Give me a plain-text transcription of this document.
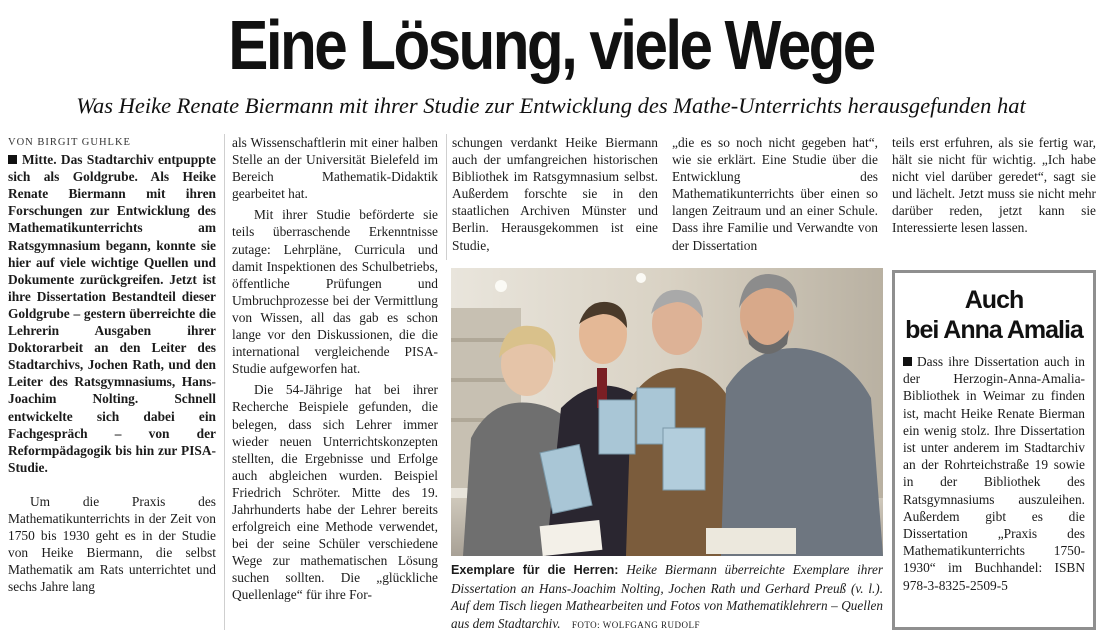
Eine Lösung, viele Wege
Was Heike Renate Biermann mit ihrer Studie zur Entwicklung des Mathe-Unterrichts herausgefunden hat

VON BIRGIT GUHLKE

Mitte. Das Stadtarchiv entpuppte sich als Goldgrube. Als Heike Renate Biermann mit ihren Forschungen zur Entwicklung des Mathematikunterrichts am Ratsgymnasium begann, konnte sie hier auf viele wichtige Quellen und Dokumente zurückgreifen. Jetzt ist ihre Dissertation Bestandteil dieser Goldgrube – gestern überreichte die Lehrerin Ausgaben ihrer Doktorarbeit an den Leiter des Stadtarchivs, Jochen Rath, und den Leiter des Ratsgymnasiums, Hans-Joachim Nolting. Schnell entwickelte sich dabei ein Fachgespräch – von der Reformpädagogik bis hin zur PISA-Studie.

Um die Praxis des Mathematikunterrichts in der Zeit von 1750 bis 1930 geht es in der Studie von Heike Biermann, die selbst Mathematik am Rats unterrichtet und sechs Jahre lang

als Wissenschaftlerin mit einer halben Stelle an der Universität Bielefeld im Bereich Mathematik-Didaktik gearbeitet hat.

Mit ihrer Studie beförderte sie teils überraschende Erkenntnisse zutage: Lehrpläne, Curricula und damit Inspektionen des Schulbetriebs, öffentliche Prüfungen und Umbruchprozesse bei der Vermittlung von Wissen, all das gab es schon lange vor den Diskussionen, die die international vergleichende PISA-Studie aufgeworfen hat.

Die 54-Jährige hat bei ihrer Recherche Beispiele gefunden, die belegen, dass sich Lehrer immer wieder neuen Unterrichtskonzepten stellten, die Ergebnisse und Erfolge auch abgleichen wurden. Beispiel Friedrich Schröter. Mitte des 19. Jahrhunderts habe der Lehrer bereits erfolgreich eine Methode verwendet, bei der seine Schüler verschiedene Wege zur mathematischen Lösung suchen sollten. Die „glückliche Quellenlage“ für ihre For-

schungen verdankt Heike Biermann auch der umfangreichen historischen Bibliothek im Ratsgymnasium selbst. Außerdem forschte sie in den staatlichen Archiven Münster und Berlin. Herausgekommen ist eine Studie,

„die es so noch nicht gegeben hat“, wie sie erklärt. Eine Studie über die Entwicklung des Mathematikunterrichts über einen so langen Zeitraum und an einer Schule. Dass ihre Familie und Verwandte von der Dissertation

teils erst erfuhren, als sie fertig war, hält sie nicht für wichtig. „Ich habe nicht viel darüber geredet“, sagt sie und lächelt. Jetzt muss sie nicht mehr darüber reden, jetzt kann sie Interessierte lesen lassen.

Exemplare für die Herren: Heike Biermann überreichte Exemplare ihrer Dissertation an Hans-Joachim Nolting, Jochen Rath und Gerhard Preuß (v. l.). Auf dem Tisch liegen Mathearbeiten und Fotos von Mathematiklehrern – Quellen aus dem Stadtarchiv. FOTO: WOLFGANG RUDOLF
Auch
bei Anna Amalia
Dass ihre Dissertation auch in der Herzogin-Anna-Amalia-Bibliothek in Weimar zu finden ist, macht Heike Renate Bierman ein wenig stolz. Ihre Dissertation ist unter anderem im Stadtarchiv an der Rohrteichstraße 19 sowie in der Bibliothek des Ratsgymnasiums auszuleihen. Außerdem gibt es die Dissertation „Praxis des Mathematikunterrichts 1750-1930“ im Buchhandel: ISBN 978-3-8325-2509-5
